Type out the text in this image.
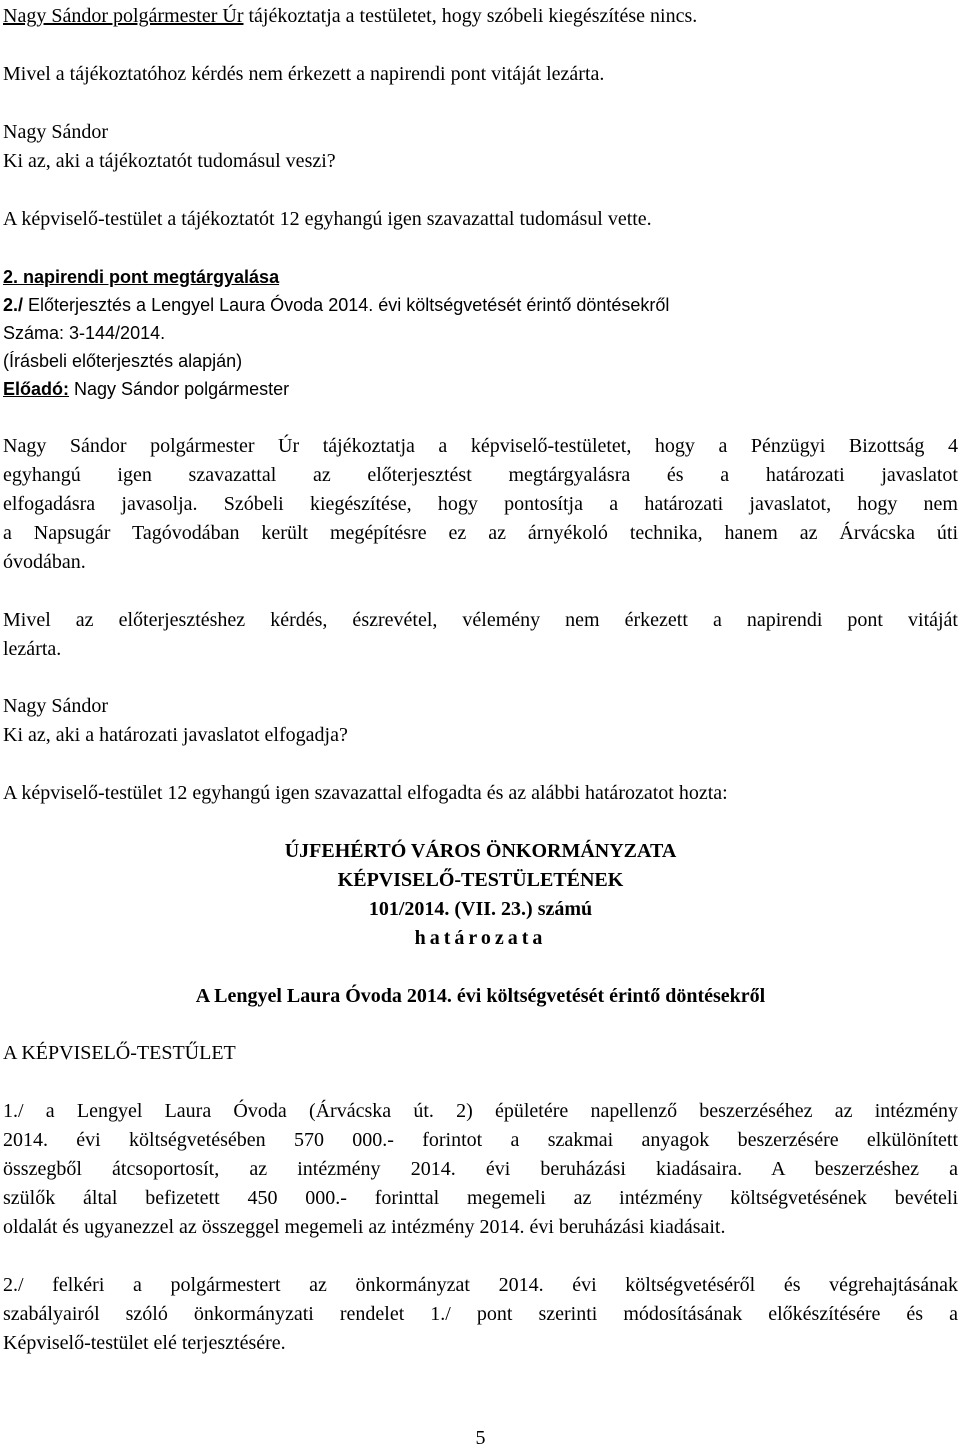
Nagy Sándor polgármester Úr tájékoztatja a testületet, hogy szóbeli kiegészítése nincs.
Mivel a tájékoztatóhoz kérdés nem érkezett a napirendi pont vitáját lezárta.
Nagy Sándor
Ki az, aki a tájékoztatót tudomásul veszi?
A képviselő-testület a tájékoztatót 12 egyhangú igen szavazattal tudomásul vette.
2. napirendi pont megtárgyalása
2./ Előterjesztés a Lengyel Laura Óvoda 2014. évi költségvetését érintő döntésekről
Száma: 3-144/2014.
(Írásbeli előterjesztés alapján)
Előadó: Nagy Sándor polgármester
Nagy Sándor polgármester Úr tájékoztatja a képviselő-testületet, hogy a Pénzügyi Bizottság 4
egyhangú igen szavazattal az előterjesztést megtárgyalásra és a határozati javaslatot
elfogadásra javasolja. Szóbeli kiegészítése, hogy pontosítja a határozati javaslatot, hogy nem
a Napsugár Tagóvodában került megépítésre ez az árnyékoló technika, hanem az Árvácska úti
óvodában.
Mivel az előterjesztéshez kérdés, észrevétel, vélemény nem érkezett a napirendi pont vitáját
lezárta.
Nagy Sándor
Ki az, aki a határozati javaslatot elfogadja?
A képviselő-testület 12 egyhangú igen szavazattal elfogadta és az alábbi határozatot hozta:
ÚJFEHÉRTÓ VÁROS ÖNKORMÁNYZATA
KÉPVISELŐ-TESTÜLETÉNEK
101/2014. (VII. 23.) számú
határozata
A Lengyel Laura Óvoda 2014. évi költségvetését érintő döntésekről
A KÉPVISELŐ-TESTŰLET
1./ a Lengyel Laura Óvoda (Árvácska út. 2) épületére napellenző beszerzéséhez az intézmény
2014. évi költségvetésében 570 000.- forintot a szakmai anyagok beszerzésére elkülönített
összegből átcsoportosít, az intézmény 2014. évi beruházási kiadásaira. A beszerzéshez a
szülők által befizetett 450 000.- forinttal megemeli az intézmény költségvetésének bevételi
oldalát és ugyanezzel az összeggel megemeli az intézmény 2014. évi beruházási kiadásait.
2./ felkéri a polgármestert az önkormányzat 2014. évi költségvetéséről és végrehajtásának
szabályairól szóló önkormányzati rendelet 1./ pont szerinti módosításának előkészítésére és a
Képviselő-testület elé terjesztésére.
5
